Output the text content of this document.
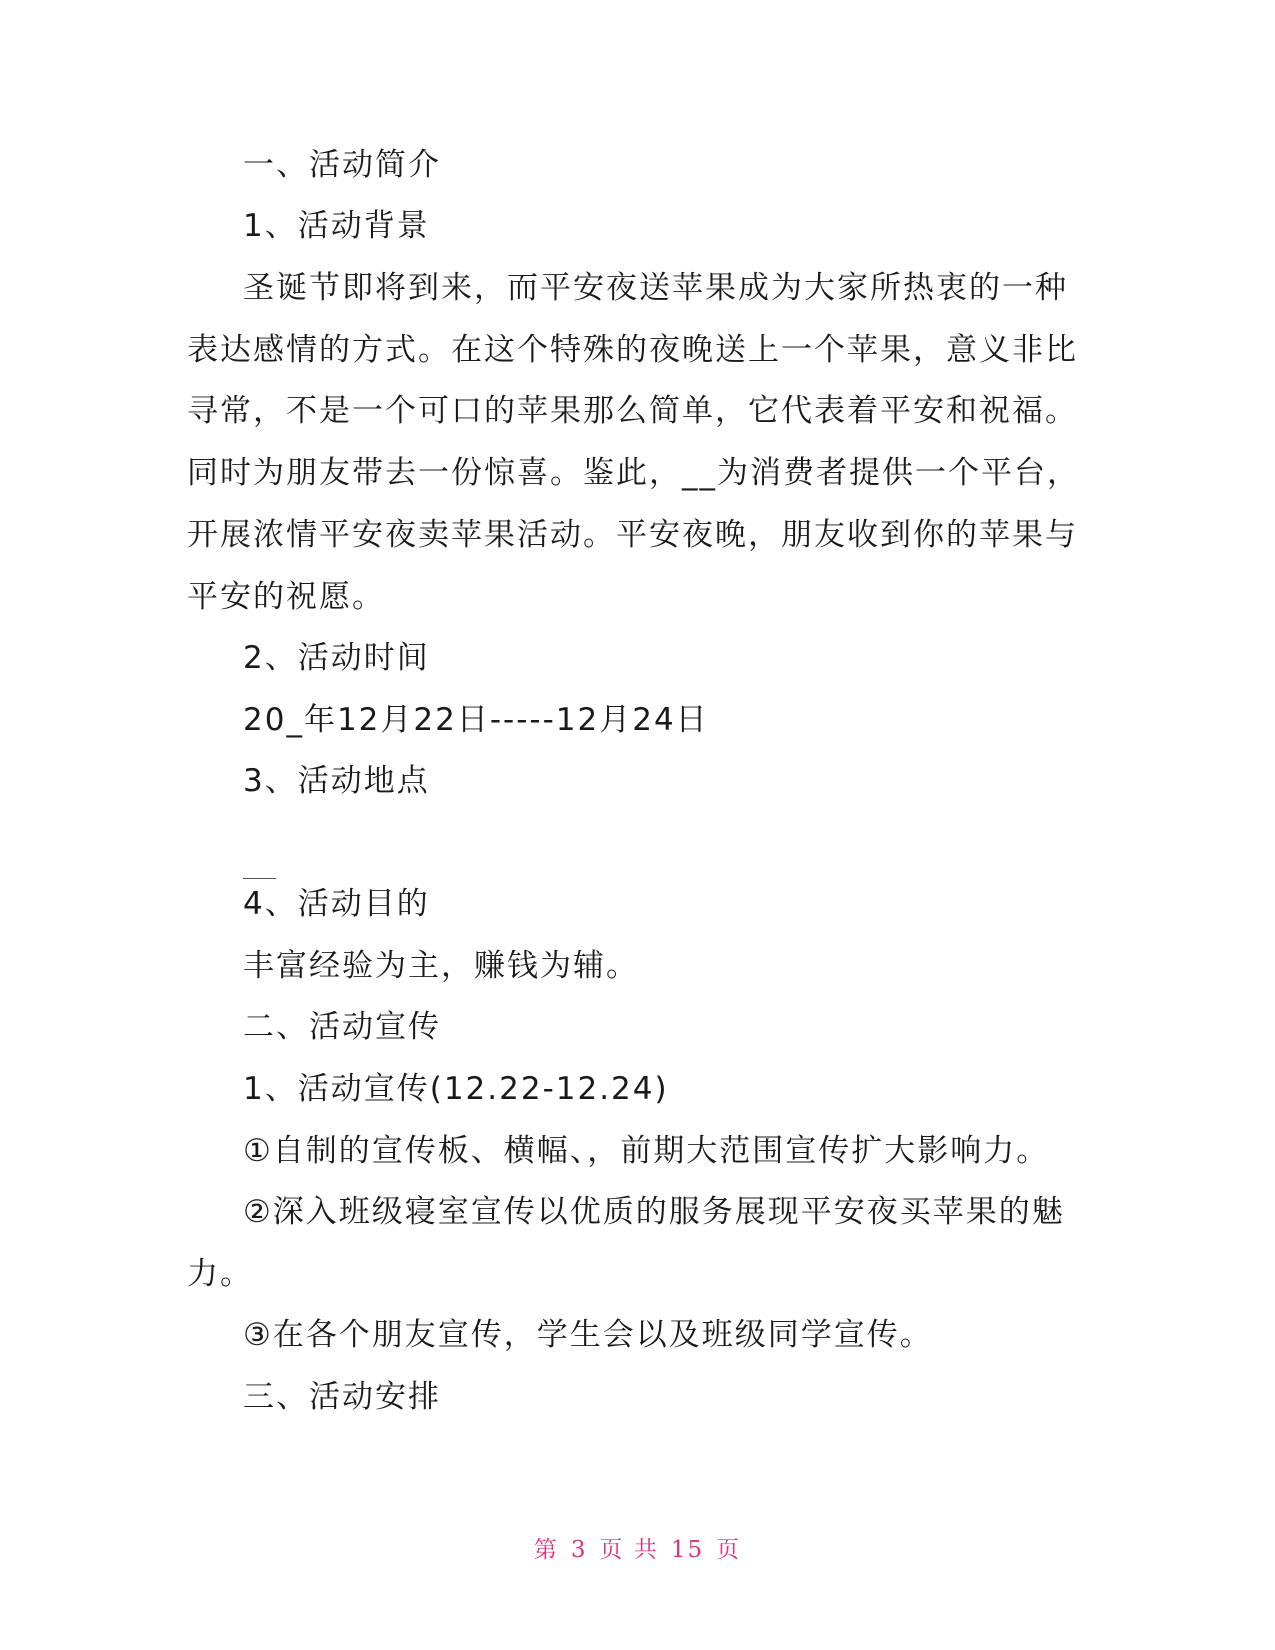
一、活动简介
1、活动背景
圣诞节即将到来，而平安夜送苹果成为大家所热衷的一种
表达感情的方式。在这个特殊的夜晚送上一个苹果，意义非比
寻常，不是一个可口的苹果那么简单，它代表着平安和祝福。
同时为朋友带去一份惊喜。鉴此，__为消费者提供一个平台，
开展浓情平安夜卖苹果活动。平安夜晚，朋友收到你的苹果与
平安的祝愿。
2、活动时间
20_年12月22日-----12月24日
3、活动地点
4、活动目的
丰富经验为主，赚钱为辅。
二、活动宣传
1、活动宣传(12.22-12.24)
①自制的宣传板、横幅、，前期大范围宣传扩大影响力。
②深入班级寝室宣传以优质的服务展现平安夜买苹果的魅
力。
③在各个朋友宣传，学生会以及班级同学宣传。
三、活动安排
第 3 页 共 15 页
